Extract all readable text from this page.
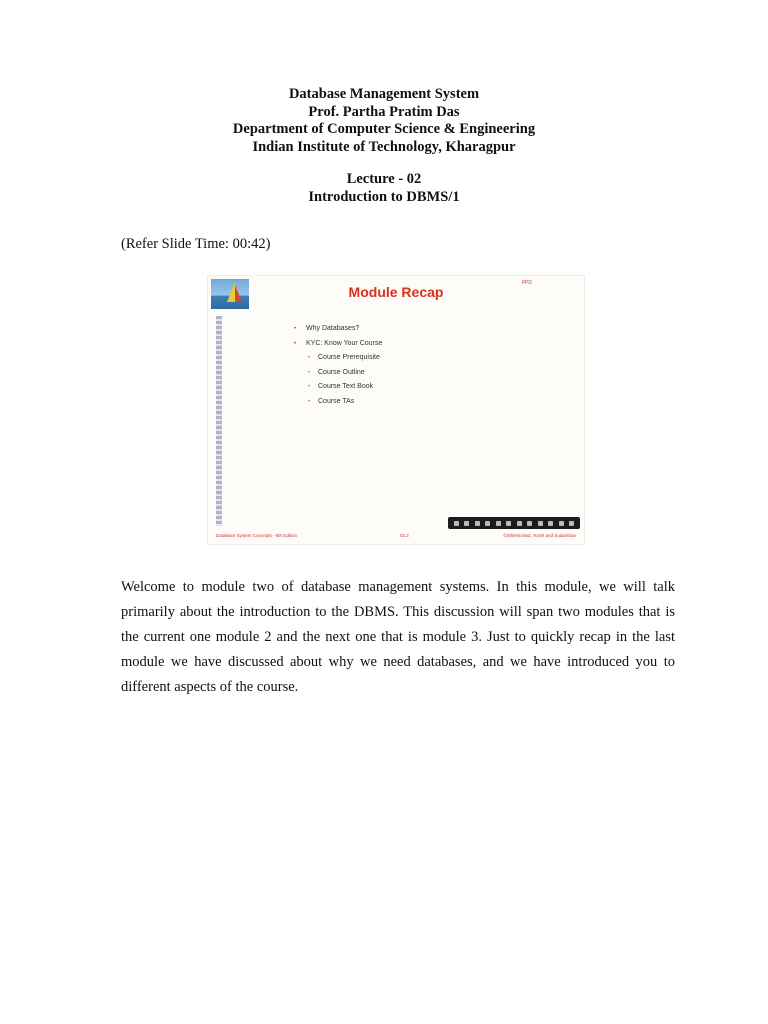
Database Management System
Prof. Partha Pratim Das
Department of Computer Science & Engineering
Indian Institute of Technology, Kharagpur
Lecture - 02
Introduction to DBMS/1
(Refer Slide Time: 00:42)
Module Recap
PPD
• Why Databases?
• KYC: Know Your Course
• Course Prerequisite
• Course Outline
• Course Text Book
• Course TAs
Database System Concepts - 6th Edition	02.2	©Silberschatz, Korth and Sudarshan

Welcome to module two of database management systems. In this module, we will talk primarily about the introduction to the DBMS. This discussion will span two modules that is the current one module 2 and the next one that is module 3. Just to quickly recap in the last module we have discussed about why we need databases, and we have introduced you to different aspects of the course.
